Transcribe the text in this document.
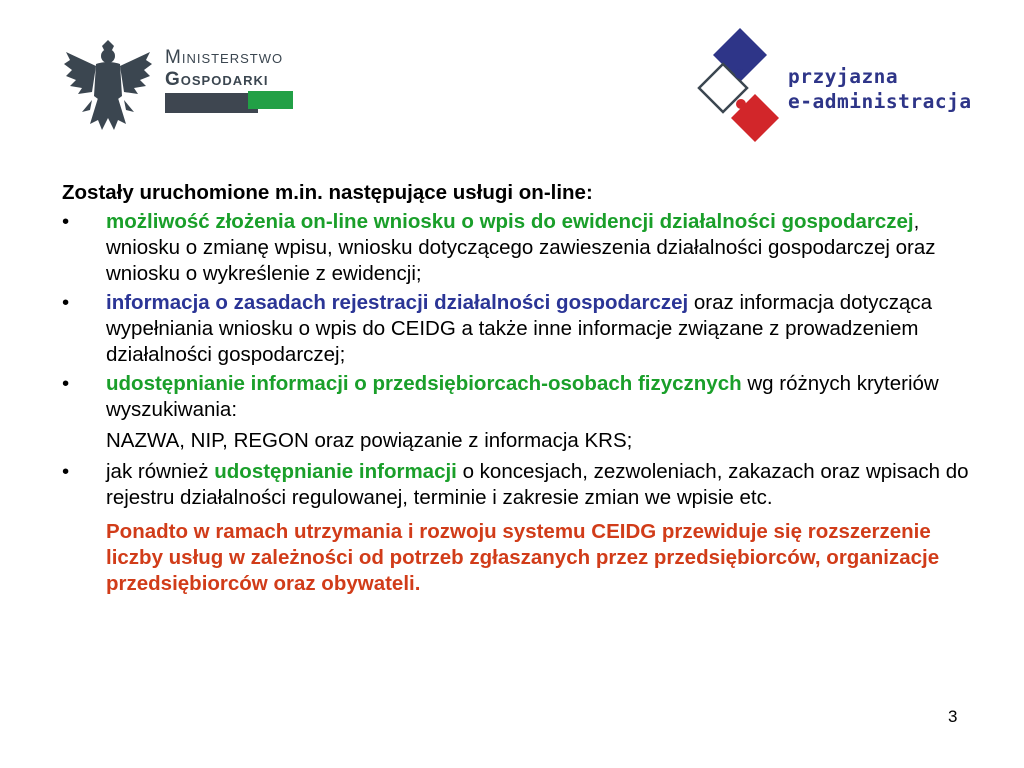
Ministerstwo
Gospodarki	przyjazna
e-administracja
Zostały uruchomione m.in. następujące usługi on-line:
• możliwość złożenia on-line wniosku o wpis do ewidencji działalności gospodarczej, wniosku o zmianę wpisu, wniosku dotyczącego zawieszenia działalności gospodarczej oraz wniosku o wykreślenie z ewidencji;
• informacja o zasadach rejestracji działalności gospodarczej oraz informacja dotycząca wypełniania wniosku o wpis do CEIDG a także inne informacje związane z prowadzeniem działalności gospodarczej;
• udostępnianie informacji o przedsiębiorcach-osobach fizycznych wg różnych kryteriów wyszukiwania:
NAZWA, NIP, REGON oraz powiązanie z informacja KRS;
• jak również udostępnianie informacji o koncesjach, zezwoleniach, zakazach oraz wpisach do rejestru działalności regulowanej, terminie i zakresie zmian we wpisie etc.
Ponadto w ramach utrzymania i rozwoju systemu CEIDG przewiduje się rozszerzenie liczby usług w zależności od potrzeb zgłaszanych przez przedsiębiorców, organizacje przedsiębiorców oraz obywateli.
3
